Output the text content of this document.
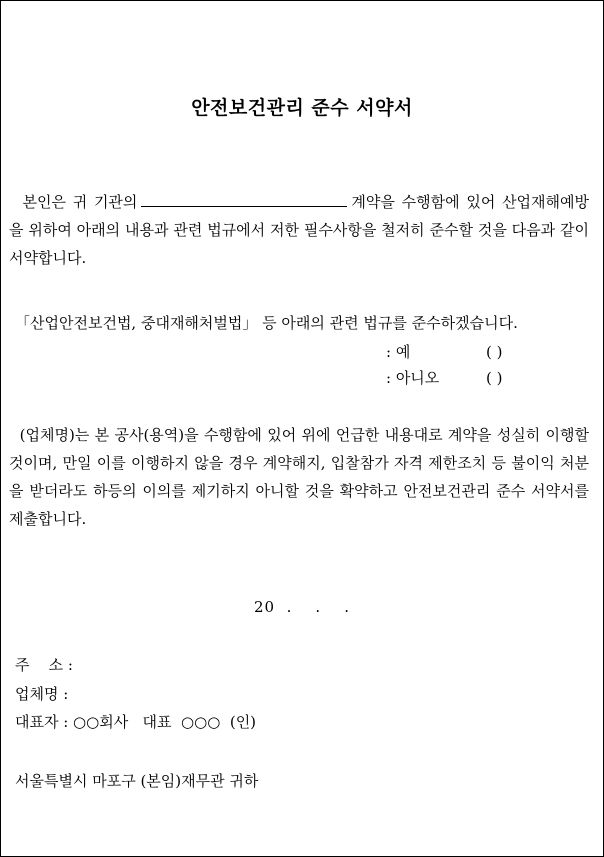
안전보건관리 준수 서약서
본인은 귀 기관의	계약을 수행함에 있어 산업재해예방을 위하여 아래의 내용과 관련 법규에서 저한 필수사항을 철저히 준수할 것을 다음과 같이 서약합니다.
「산업안전보건법, 중대재해처벌법」 등 아래의 관련 법규를 준수하겠습니다.
: 예	( )
: 아니오	( )
(업체명)는 본 공사(용역)을 수행함에 있어 위에 언급한 내용대로 계약을 성실히 이행할 것이며, 만일 이를 이행하지 않을 경우 계약해지, 입찰참가 자격 제한조치 등 불이익 처분을 받더라도 하등의 이의를 제기하지 아니할 것을 확약하고 안전보건관리 준수 서약서를 제출합니다.
20  .    .    .
주    소 :
업체명 :
대표자 : ○○회사   대표  ○○○  (인)
서울특별시 마포구 (본임)재무관 귀하
